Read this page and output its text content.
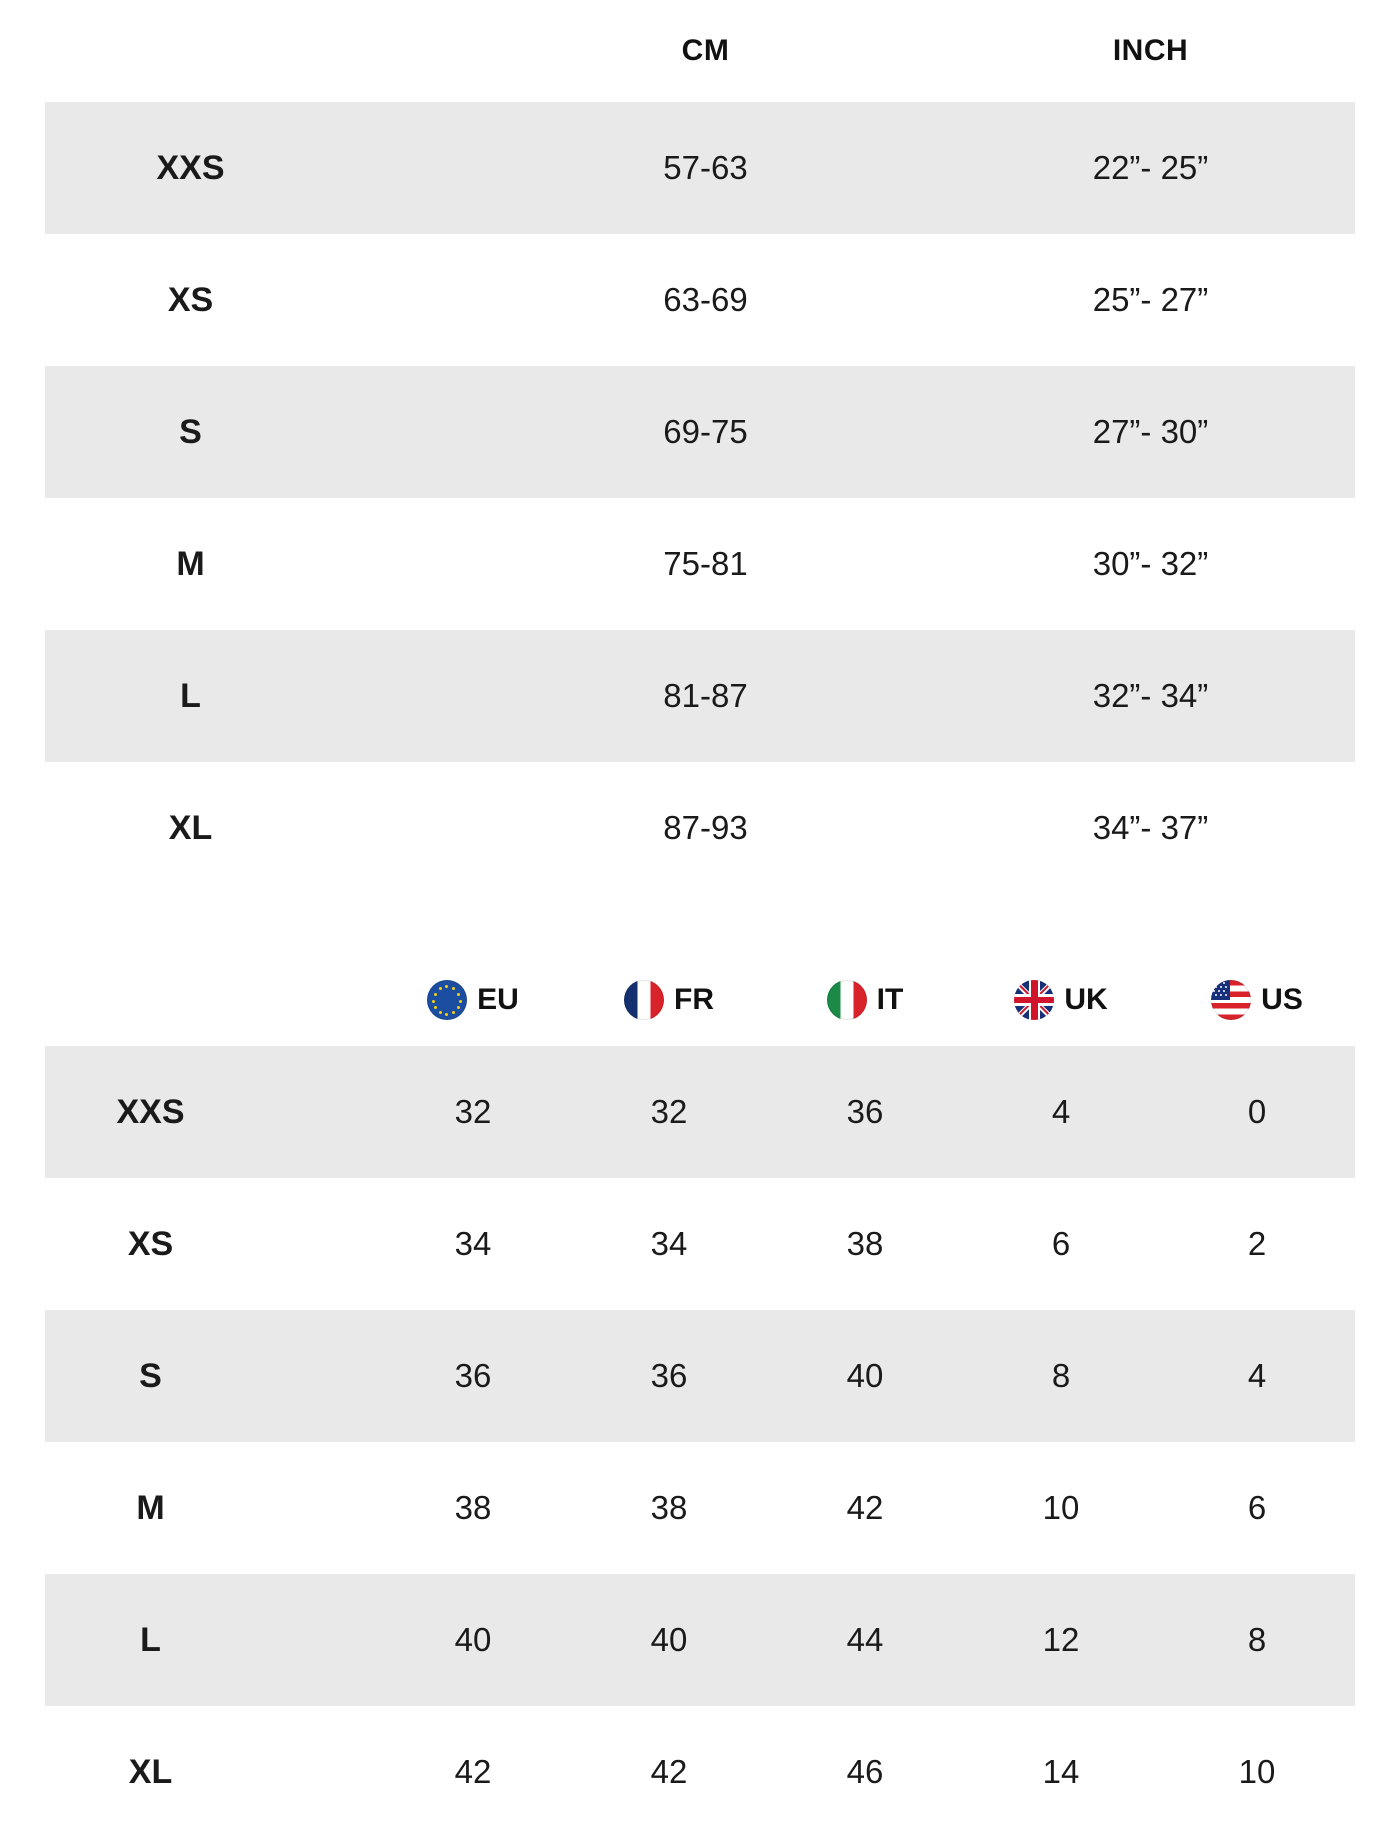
	CM	INCH
XXS	57-63	22”- 25”
XS	63-69	25”- 27”
S	69-75	27”- 30”
M	75-81	30”- 32”
L	81-87	32”- 34”
XL	87-93	34”- 37”

	EU	FR	IT	UK	US

XXS	32	32	36	4	0
XS	34	34	38	6	2
S	36	36	40	8	4
M	38	38	42	10	6
L	40	40	44	12	8
XL	42	42	46	14	10
